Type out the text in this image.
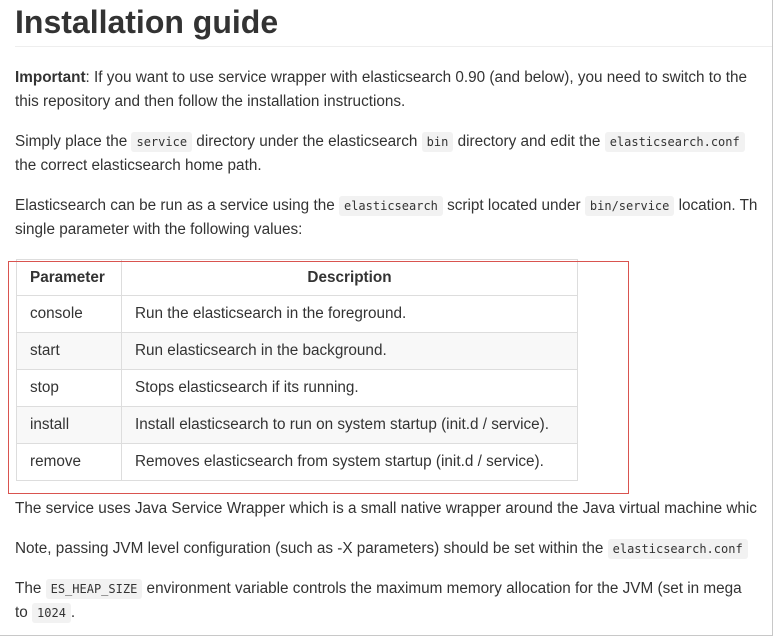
Installation guide

Important: If you want to use service wrapper with elasticsearch 0.90 (and below), you need to switch to the
this repository and then follow the installation instructions.

Simply place the service directory under the elasticsearch bin directory and edit the elasticsearch.conf
the correct elasticsearch home path.

Elasticsearch can be run as a service using the elasticsearch script located under bin/service location. Th
single parameter with the following values:

Parameter	Description
console	Run the elasticsearch in the foreground.
start	Run elasticsearch in the background.
stop	Stops elasticsearch if its running.
install	Install elasticsearch to run on system startup (init.d / service).
remove	Removes elasticsearch from system startup (init.d / service).

The service uses Java Service Wrapper which is a small native wrapper around the Java virtual machine whic

Note, passing JVM level configuration (such as -X parameters) should be set within the elasticsearch.conf

The ES_HEAP_SIZE environment variable controls the maximum memory allocation for the JVM (set in mega
to 1024 .
